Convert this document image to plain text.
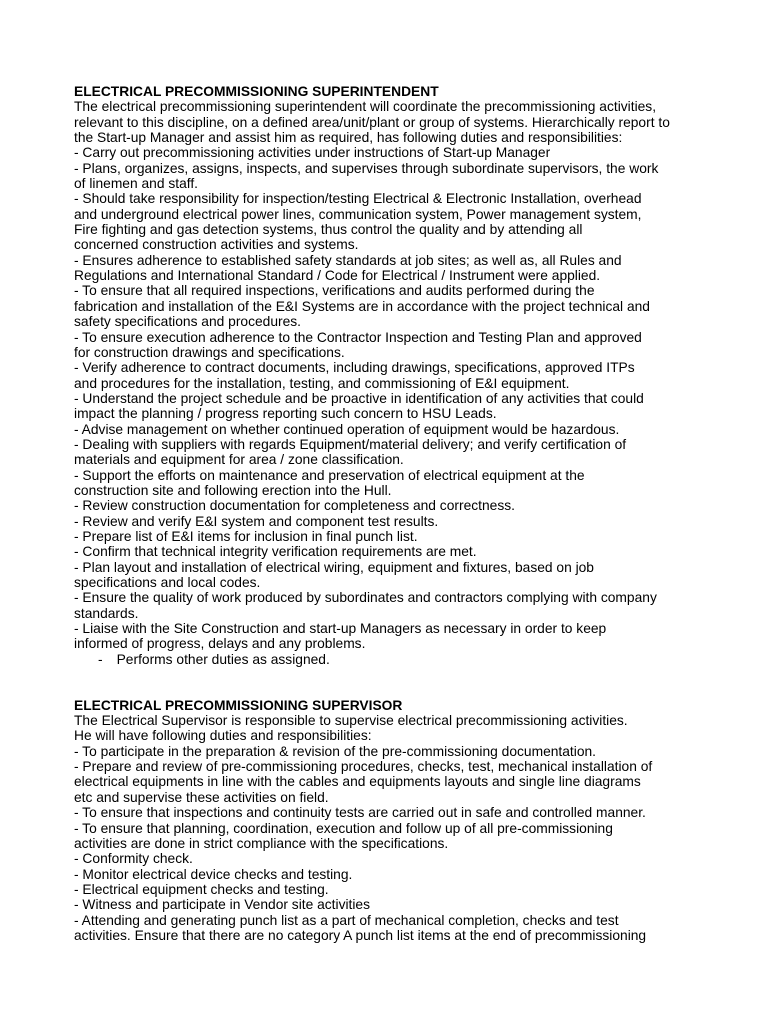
ELECTRICAL PRECOMMISSIONING SUPERINTENDENT
The electrical precommissioning superintendent will coordinate the precommissioning activities,
relevant to this discipline, on a defined area/unit/plant or group of systems. Hierarchically report to
the Start-up Manager and assist him as required, has following duties and responsibilities:
- Carry out precommissioning activities under instructions of Start-up Manager
- Plans, organizes, assigns, inspects, and supervises through subordinate supervisors, the work
of linemen and staff.
- Should take responsibility for inspection/testing Electrical & Electronic Installation, overhead
and underground electrical power lines, communication system, Power management system,
Fire fighting and gas detection systems, thus control the quality and by attending all
concerned construction activities and systems.
- Ensures adherence to established safety standards at job sites; as well as, all Rules and
Regulations and International Standard / Code for Electrical / Instrument were applied.
- To ensure that all required inspections, verifications and audits performed during the
fabrication and installation of the E&I Systems are in accordance with the project technical and
safety specifications and procedures.
- To ensure execution adherence to the Contractor Inspection and Testing Plan and approved
for construction drawings and specifications.
- Verify adherence to contract documents, including drawings, specifications, approved ITPs
and procedures for the installation, testing, and commissioning of E&I equipment.
- Understand the project schedule and be proactive in identification of any activities that could
impact the planning / progress reporting such concern to HSU Leads.
- Advise management on whether continued operation of equipment would be hazardous.
- Dealing with suppliers with regards Equipment/material delivery; and verify certification of
materials and equipment for area / zone classification.
- Support the efforts on maintenance and preservation of electrical equipment at the
construction site and following erection into the Hull.
- Review construction documentation for completeness and correctness.
- Review and verify E&I system and component test results.
- Prepare list of E&I items for inclusion in final punch list.
- Confirm that technical integrity verification requirements are met.
- Plan layout and installation of electrical wiring, equipment and fixtures, based on job
specifications and local codes.
- Ensure the quality of work produced by subordinates and contractors complying with company
standards.
- Liaise with the Site Construction and start-up Managers as necessary in order to keep
informed of progress, delays and any problems.
- Performs other duties as assigned.
ELECTRICAL PRECOMMISSIONING SUPERVISOR
The Electrical Supervisor is responsible to supervise electrical precommissioning activities.
He will have following duties and responsibilities:
- To participate in the preparation & revision of the pre-commissioning documentation.
- Prepare and review of pre-commissioning procedures, checks, test, mechanical installation of
electrical equipments in line with the cables and equipments layouts and single line diagrams
etc and supervise these activities on field.
- To ensure that inspections and continuity tests are carried out in safe and controlled manner.
- To ensure that planning, coordination, execution and follow up of all pre-commissioning
activities are done in strict compliance with the specifications.
- Conformity check.
- Monitor electrical device checks and testing.
- Electrical equipment checks and testing.
- Witness and participate in Vendor site activities
- Attending and generating punch list as a part of mechanical completion, checks and test
activities. Ensure that there are no category A punch list items at the end of precommissioning
